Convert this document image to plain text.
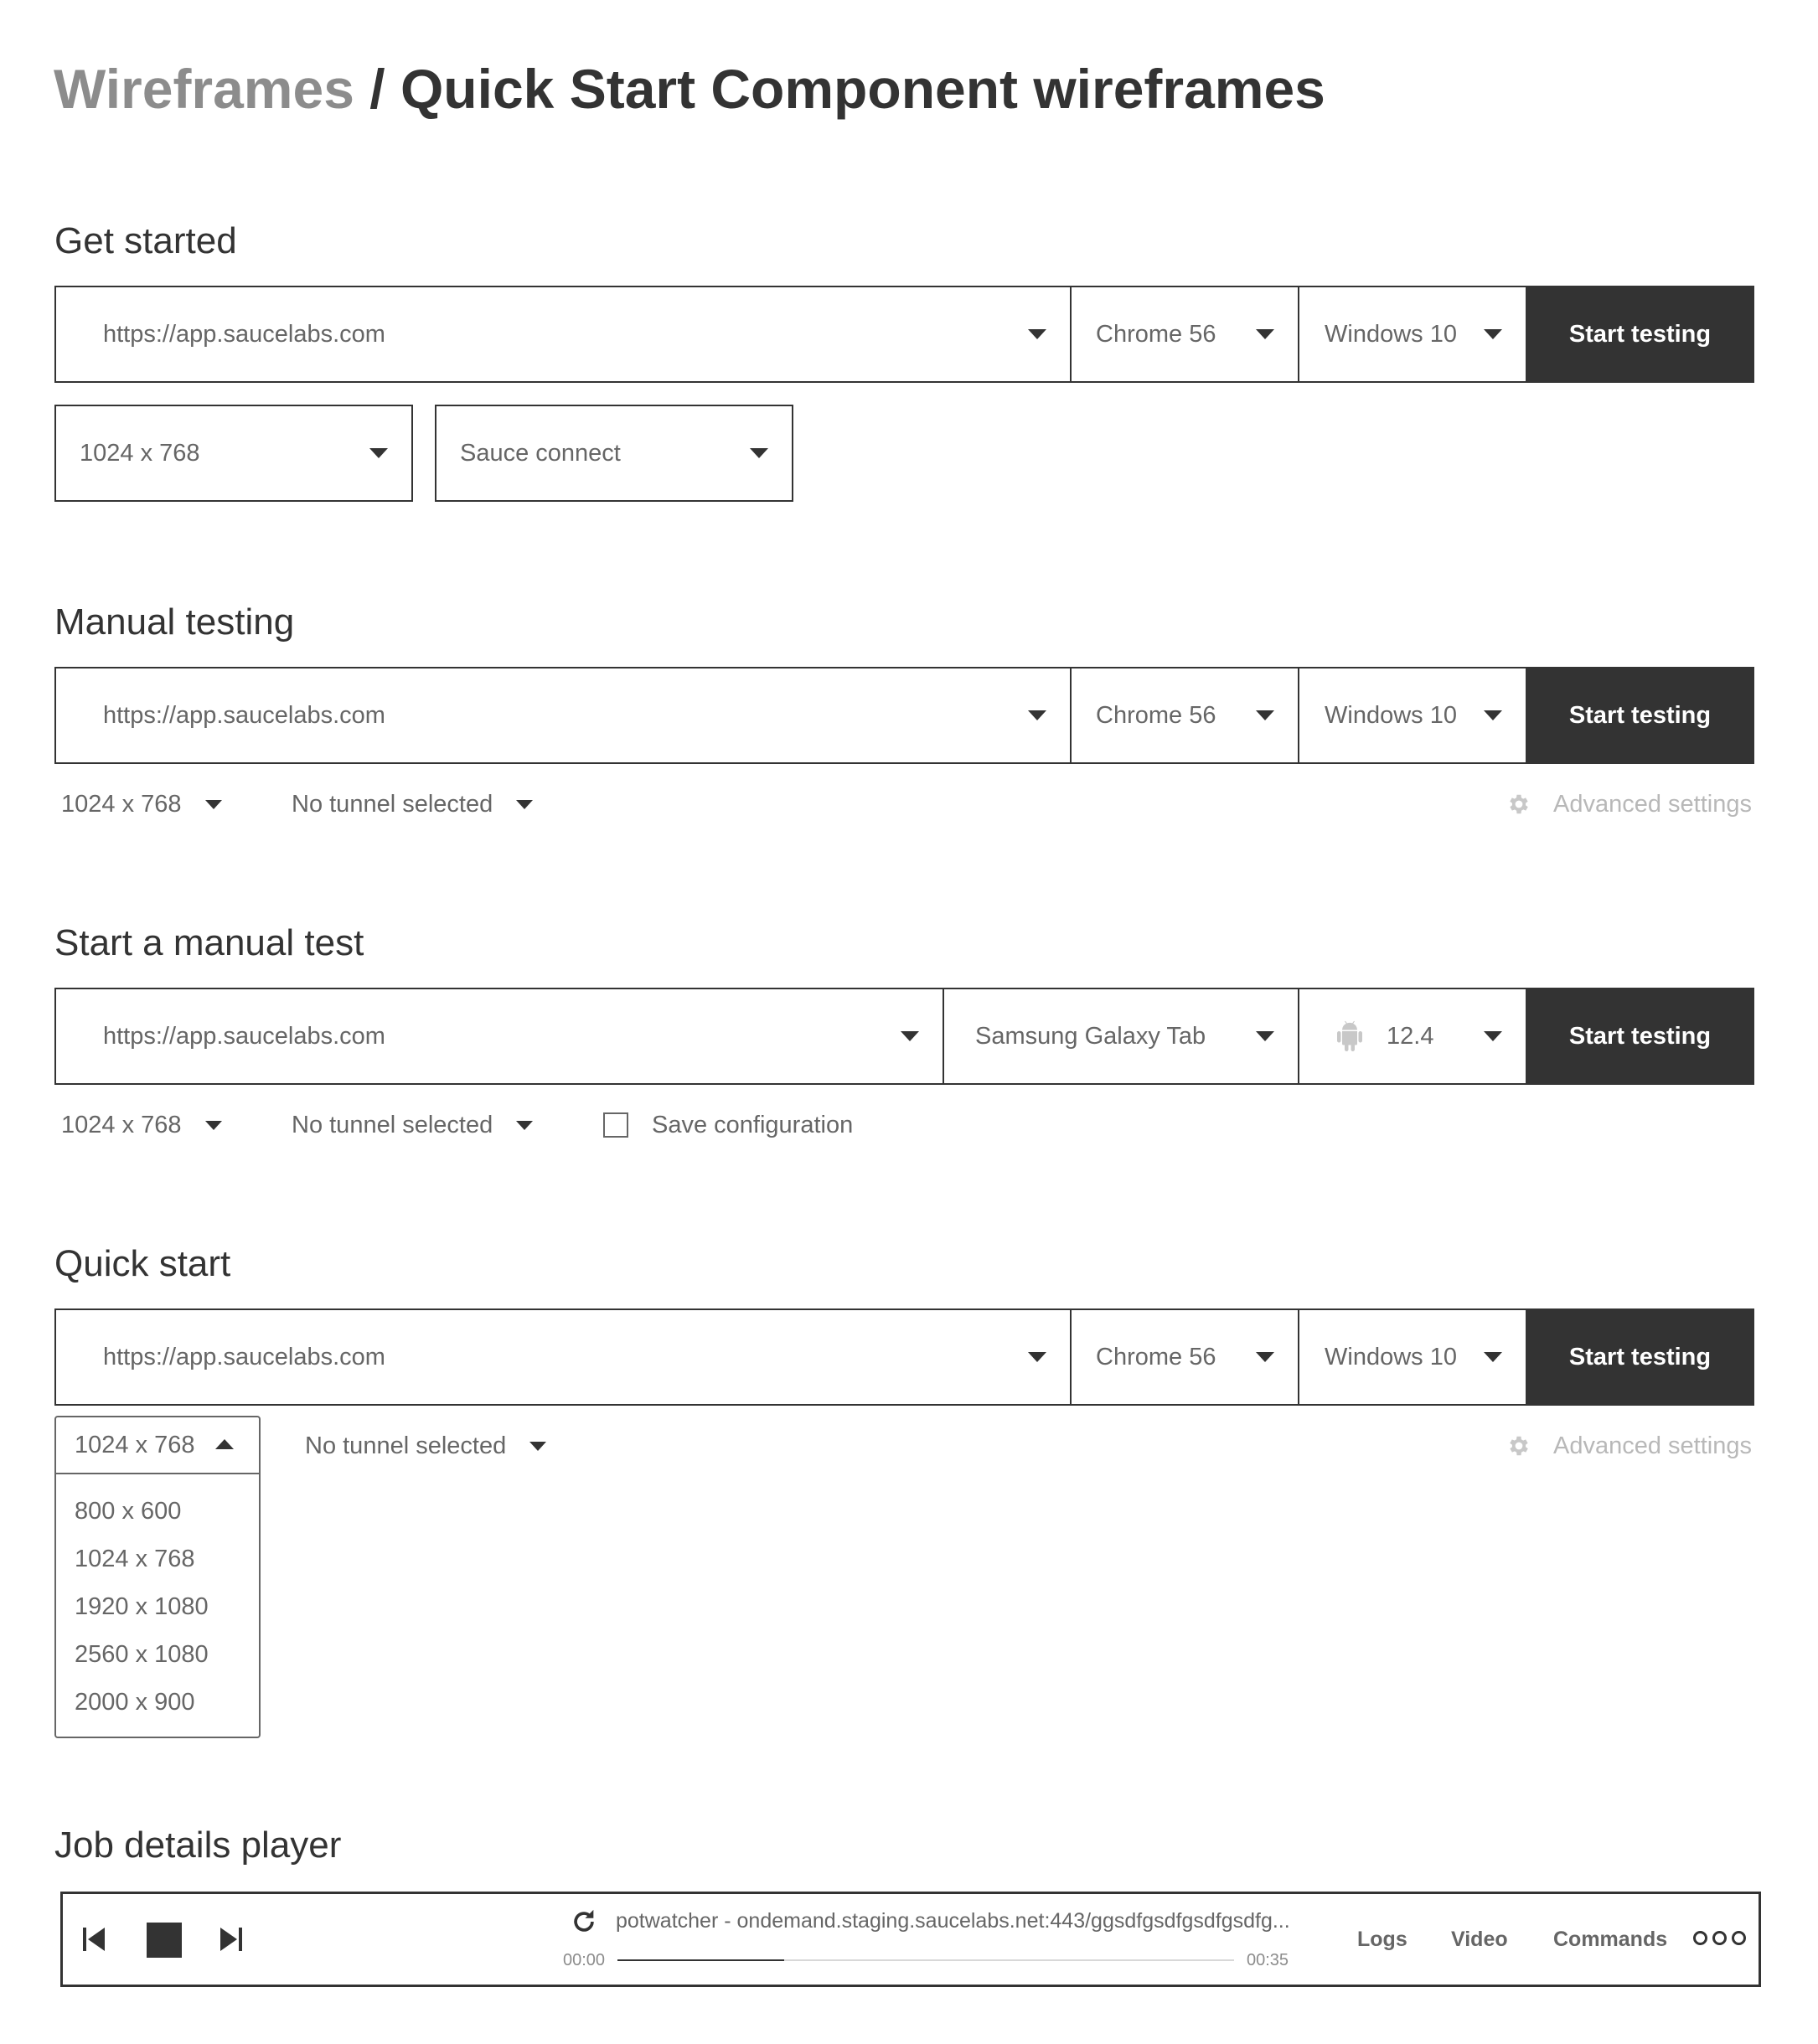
Wireframes / Quick Start Component wireframes
Get started
https://app.saucelabs.com	Chrome 56	Windows 10	Start testing
1024 x 768	Sauce connect
Manual testing
https://app.saucelabs.com	Chrome 56	Windows 10	Start testing
1024 x 768	No tunnel selected	Advanced settings
Start a manual test
https://app.saucelabs.com	Samsung Galaxy Tab	12.4	Start testing
1024 x 768	No tunnel selected	Save configuration
Quick start
https://app.saucelabs.com	Chrome 56	Windows 10	Start testing
1024 x 768
800 x 600
1024 x 768
1920 x 1080
2560 x 1080
2000 x 900
No tunnel selected	Advanced settings
Job details player
potwatcher - ondemand.staging.saucelabs.net:443/ggsdfgsdfgsdfgsdfg...
00:00	00:35
Logs Video Commands
